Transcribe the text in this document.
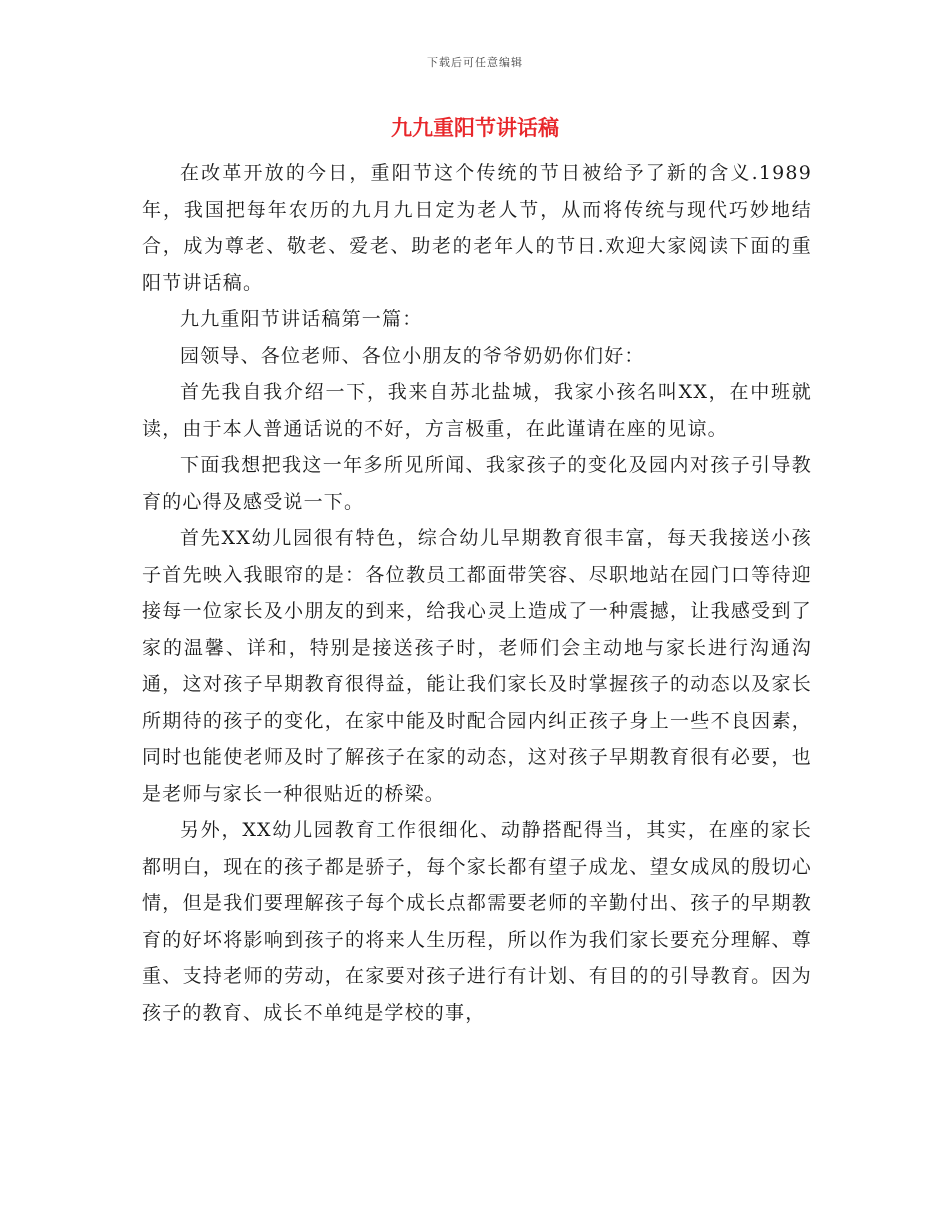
下载后可任意编辑
九九重阳节讲话稿

在改革开放的今日，重阳节这个传统的节日被给予了新的含义.1989年，我国把每年农历的九月九日定为老人节，从而将传统与现代巧妙地结合，成为尊老、敬老、爱老、助老的老年人的节日.欢迎大家阅读下面的重阳节讲话稿。

九九重阳节讲话稿第一篇：

园领导、各位老师、各位小朋友的爷爷奶奶你们好：

首先我自我介绍一下，我来自苏北盐城，我家小孩名叫XX，在中班就读，由于本人普通话说的不好，方言极重，在此谨请在座的见谅。

下面我想把我这一年多所见所闻、我家孩子的变化及园内对孩子引导教育的心得及感受说一下。

首先XX幼儿园很有特色，综合幼儿早期教育很丰富，每天我接送小孩子首先映入我眼帘的是：各位教员工都面带笑容、尽职地站在园门口等待迎接每一位家长及小朋友的到来，给我心灵上造成了一种震撼，让我感受到了家的温馨、详和，特别是接送孩子时，老师们会主动地与家长进行沟通沟通，这对孩子早期教育很得益，能让我们家长及时掌握孩子的动态以及家长所期待的孩子的变化，在家中能及时配合园内纠正孩子身上一些不良因素，同时也能使老师及时了解孩子在家的动态，这对孩子早期教育很有必要，也是老师与家长一种很贴近的桥梁。

另外，XX幼儿园教育工作很细化、动静搭配得当，其实，在座的家长都明白，现在的孩子都是骄子，每个家长都有望子成龙、望女成凤的殷切心情，但是我们要理解孩子每个成长点都需要老师的辛勤付出、孩子的早期教育的好坏将影响到孩子的将来人生历程，所以作为我们家长要充分理解、尊重、支持老师的劳动，在家要对孩子进行有计划、有目的的引导教育。因为孩子的教育、成长不单纯是学校的事，
